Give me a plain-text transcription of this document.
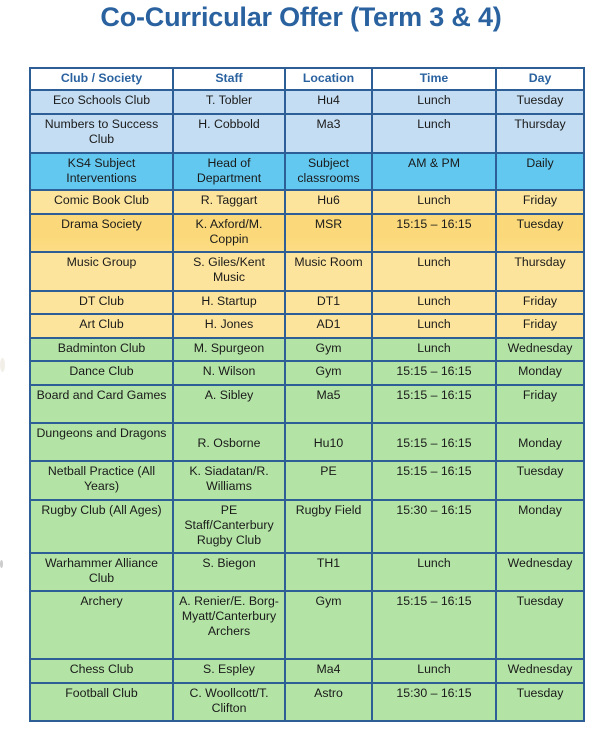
Co-Curricular Offer (Term 3 & 4)
Club / Society	Staff	Location	Time	Day
Eco Schools Club	T. Tobler	Hu4	Lunch	Tuesday
Numbers to Success Club	H. Cobbold	Ma3	Lunch	Thursday
KS4 Subject Interventions	Head of Department	Subject classrooms	AM & PM	Daily
Comic Book Club	R. Taggart	Hu6	Lunch	Friday
Drama Society	K. Axford/M. Coppin	MSR	15:15 – 16:15	Tuesday
Music Group	S. Giles/Kent Music	Music Room	Lunch	Thursday
DT Club	H. Startup	DT1	Lunch	Friday
Art Club	H. Jones	AD1	Lunch	Friday
Badminton Club	M. Spurgeon	Gym	Lunch	Wednesday
Dance Club	N. Wilson	Gym	15:15 – 16:15	Monday
Board and Card Games	A. Sibley	Ma5	15:15 – 16:15	Friday
Dungeons and Dragons	R. Osborne	Hu10	15:15 – 16:15	Monday
Netball Practice (All Years)	K. Siadatan/R. Williams	PE	15:15 – 16:15	Tuesday
Rugby Club (All Ages)	PE Staff/Canterbury Rugby Club	Rugby Field	15:30 – 16:15	Monday
Warhammer Alliance Club	S. Biegon	TH1	Lunch	Wednesday
Archery	A. Renier/E. Borg-Myatt/Canterbury Archers	Gym	15:15 – 16:15	Tuesday
Chess Club	S. Espley	Ma4	Lunch	Wednesday
Football Club	C. Woollcott/T. Clifton	Astro	15:30 – 16:15	Tuesday
